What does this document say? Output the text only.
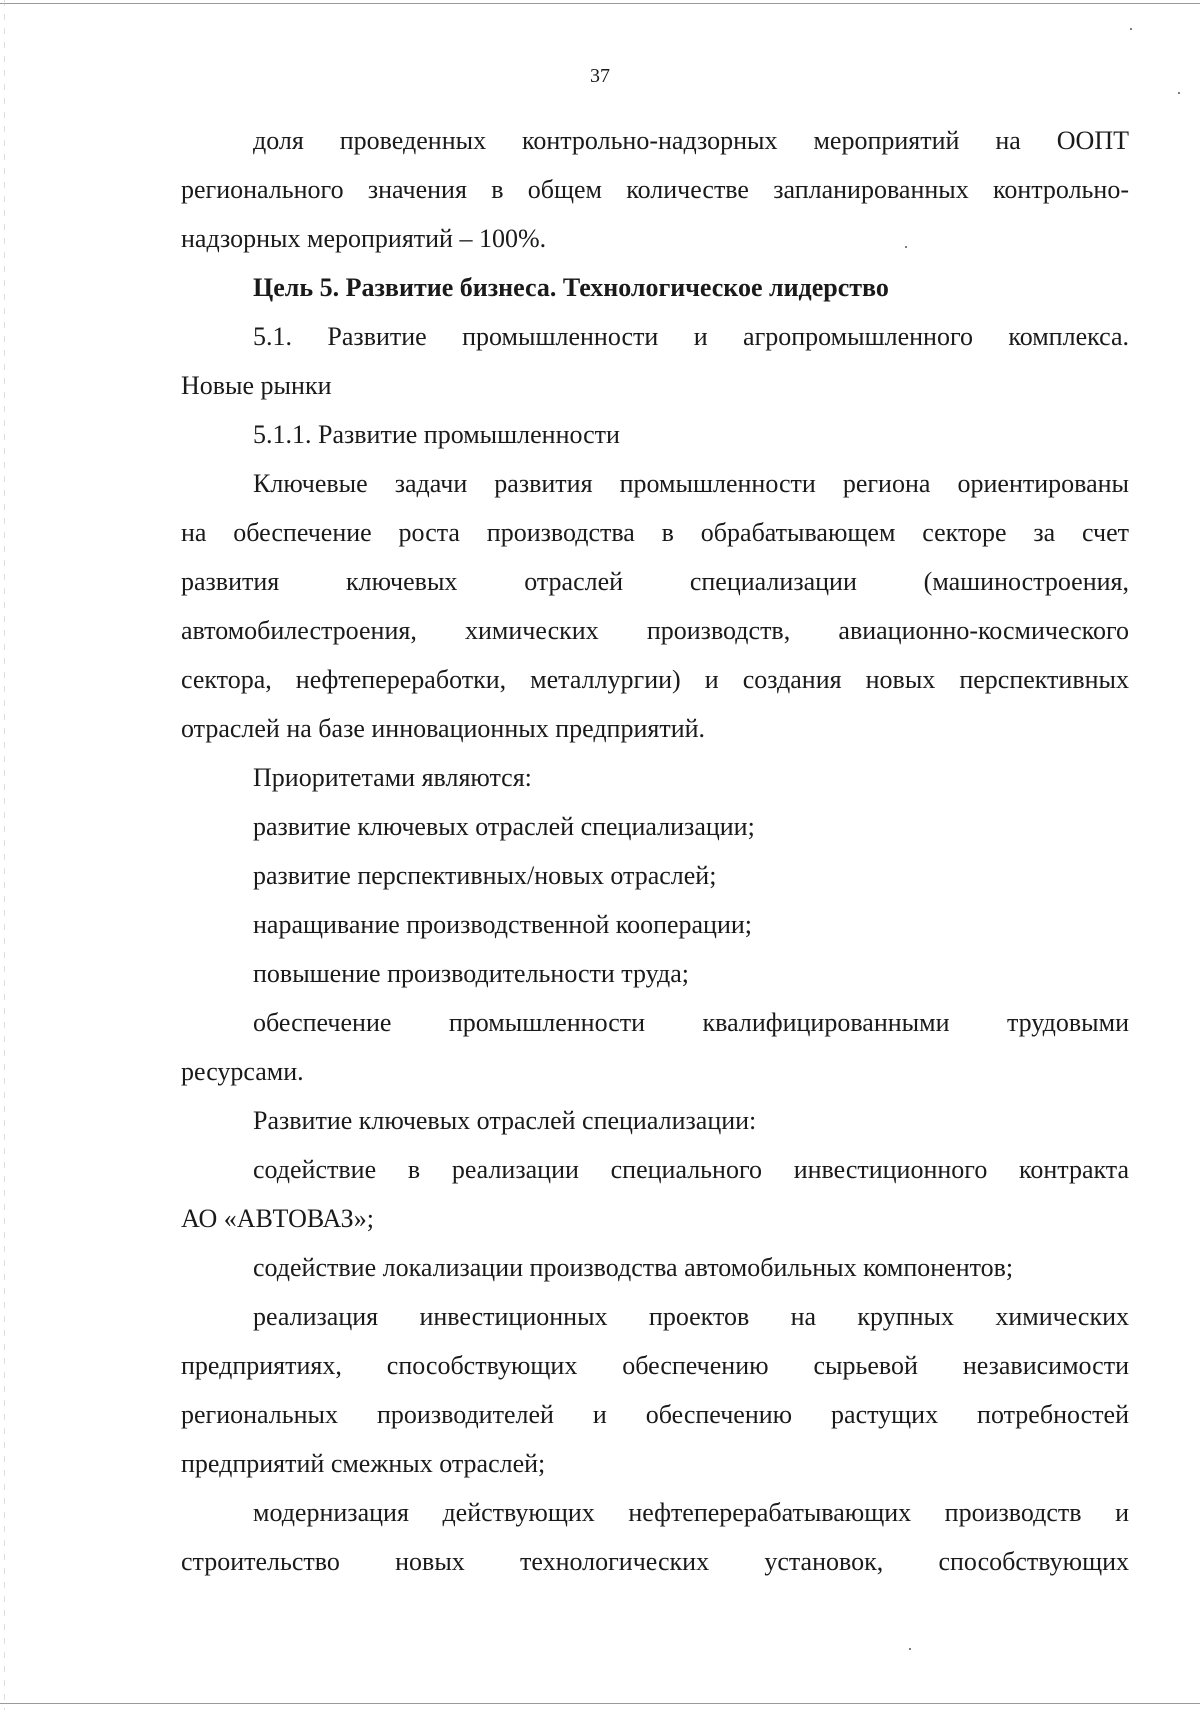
37
доля проведенных контрольно-надзорных мероприятий на ООПТ
регионального значения в общем количестве запланированных контрольно-
надзорных мероприятий – 100%.
Цель 5. Развитие бизнеса. Технологическое лидерство
5.1. Развитие промышленности и агропромышленного комплекса.
Новые рынки
5.1.1. Развитие промышленности
Ключевые задачи развития промышленности региона ориентированы
на обеспечение роста производства в обрабатывающем секторе за счет
развития ключевых отраслей специализации (машиностроения,
автомобилестроения, химических производств, авиационно-космического
сектора, нефтепереработки, металлургии) и создания новых перспективных
отраслей на базе инновационных предприятий.
Приоритетами являются:
развитие ключевых отраслей специализации;
развитие перспективных/новых отраслей;
наращивание производственной кооперации;
повышение производительности труда;
обеспечение промышленности квалифицированными трудовыми
ресурсами.
Развитие ключевых отраслей специализации:
содействие в реализации специального инвестиционного контракта
АО «АВТОВАЗ»;
содействие локализации производства автомобильных компонентов;
реализация инвестиционных проектов на крупных химических
предприятиях, способствующих обеспечению сырьевой независимости
региональных производителей и обеспечению растущих потребностей
предприятий смежных отраслей;
модернизация действующих нефтеперерабатывающих производств и
строительство новых технологических установок, способствующих
